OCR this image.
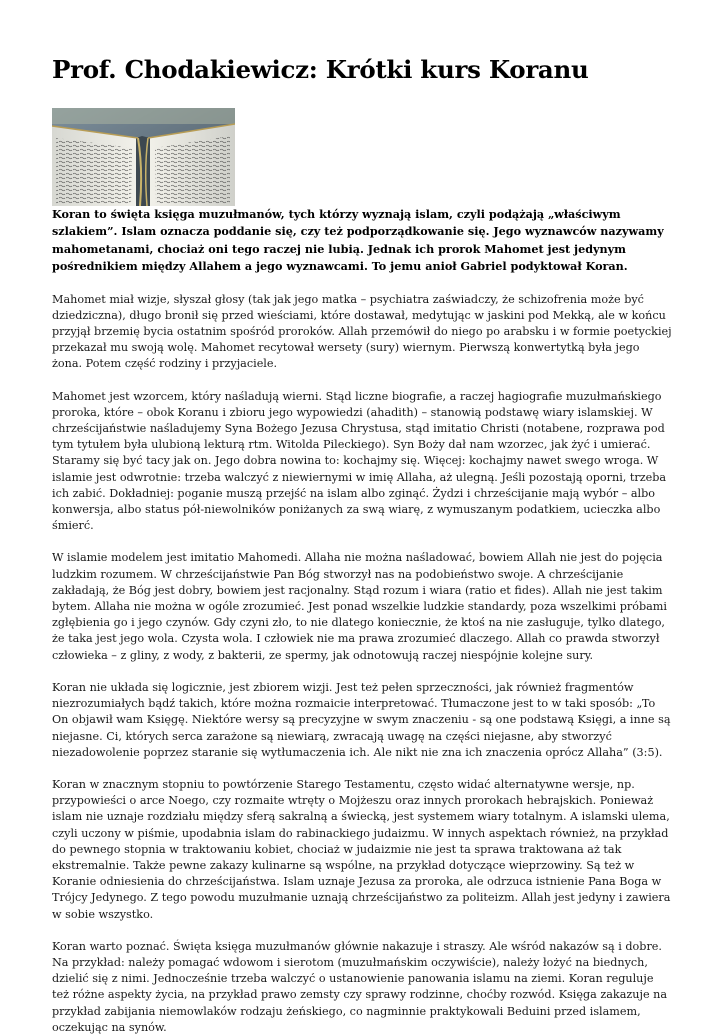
Prof. Chodakiewicz: Krótki kurs Koranu

Koran to święta księga muzułmanów, tych którzy wyznają islam, czyli podążają „właściwym szlakiem”. Islam oznacza poddanie się, czy też podporządkowanie się. Jego wyznawców nazywamy mahometanami, chociaż oni tego raczej nie lubią. Jednak ich prorok Mahomet jest jedynym pośrednikiem między Allahem a jego wyznawcami. To jemu anioł Gabriel podyktował Koran.

Mahomet miał wizje, słyszał głosy (tak jak jego matka – psychiatra zaświadczy, że schizofrenia może być dziedziczna), długo bronił się przed wieściami, które dostawał, medytując w jaskini pod Mekką, ale w końcu przyjął brzemię bycia ostatnim spośród proroków. Allah przemówił do niego po arabsku i w formie poetyckiej przekazał mu swoją wolę. Mahomet recytował wersety (sury) wiernym. Pierwszą konwertytką była jego żona. Potem część rodziny i przyjaciele.

Mahomet jest wzorcem, który naśladują wierni. Stąd liczne biografie, a raczej hagiografie muzułmańskiego proroka, które – obok Koranu i zbioru jego wypowiedzi (ahadith) – stanowią podstawę wiary islamskiej. W chrześcijaństwie naśladujemy Syna Bożego Jezusa Chrystusa, stąd imitatio Christi (notabene, rozprawa pod tym tytułem była ulubioną lekturą rtm. Witolda Pileckiego). Syn Boży dał nam wzorzec, jak żyć i umierać. Staramy się być tacy jak on. Jego dobra nowina to: kochajmy się. Więcej: kochajmy nawet swego wroga. W islamie jest odwrotnie: trzeba walczyć z niewiernymi w imię Allaha, aż ulegną. Jeśli pozostają oporni, trzeba ich zabić. Dokładniej: poganie muszą przejść na islam albo zginąć. Żydzi i chrześcijanie mają wybór – albo konwersja, albo status pół-niewolników poniżanych za swą wiarę, z wymuszanym podatkiem, ucieczka albo śmierć.

W islamie modelem jest imitatio Mahomedi. Allaha nie można naśladować, bowiem Allah nie jest do pojęcia ludzkim rozumem. W chrześcijaństwie Pan Bóg stworzył nas na podobieństwo swoje. A chrześcijanie zakładają, że Bóg jest dobry, bowiem jest racjonalny. Stąd rozum i wiara (ratio et fides). Allah nie jest takim bytem. Allaha nie można w ogóle zrozumieć. Jest ponad wszelkie ludzkie standardy, poza wszelkimi próbami zgłębienia go i jego czynów. Gdy czyni zło, to nie dlatego koniecznie, że ktoś na nie zasługuje, tylko dlatego, że taka jest jego wola. Czysta wola. I człowiek nie ma prawa zrozumieć dlaczego. Allah co prawda stworzył człowieka – z gliny, z wody, z bakterii, ze spermy, jak odnotowują raczej niespójnie kolejne sury.

Koran nie układa się logicznie, jest zbiorem wizji. Jest też pełen sprzeczności, jak również fragmentów niezrozumiałych bądź takich, które można rozmaicie interpretować. Tłumaczone jest to w taki sposób: „To On objawił wam Księgę. Niektóre wersy są precyzyjne w swym znaczeniu - są one podstawą Księgi, a inne są niejasne. Ci, których serca zarażone są niewiarą, zwracają uwagę na części niejasne, aby stworzyć niezadowolenie poprzez staranie się wytłumaczenia ich. Ale nikt nie zna ich znaczenia oprócz Allaha” (3:5).

Koran w znacznym stopniu to powtórzenie Starego Testamentu, często widać alternatywne wersje, np. przypowieści o arce Noego, czy rozmaite wtręty o Mojżeszu oraz innych prorokach hebrajskich. Ponieważ islam nie uznaje rozdziału między sferą sakralną a świecką, jest systemem wiary totalnym. A islamski ulema, czyli uczony w piśmie, upodabnia islam do rabinackiego judaizmu. W innych aspektach również, na przykład do pewnego stopnia w traktowaniu kobiet, chociaż w judaizmie nie jest ta sprawa traktowana aż tak ekstremalnie. Także pewne zakazy kulinarne są wspólne, na przykład dotyczące wieprzowiny. Są też w Koranie odniesienia do chrześcijaństwa. Islam uznaje Jezusa za proroka, ale odrzuca istnienie Pana Boga w Trójcy Jedynego. Z tego powodu muzułmanie uznają chrześcijaństwo za politeizm. Allah jest jedyny i zawiera w sobie wszystko.

Koran warto poznać. Święta księga muzułmanów głównie nakazuje i straszy. Ale wśród nakazów są i dobre. Na przykład: należy pomagać wdowom i sierotom (muzułmańskim oczywiście), należy łożyć na biednych, dzielić się z nimi. Jednocześnie trzeba walczyć o ustanowienie panowania islamu na ziemi. Koran reguluje też różne aspekty życia, na przykład prawo zemsty czy sprawy rodzinne, choćby rozwód. Księga zakazuje na przykład zabijania niemowlaków rodzaju żeńskiego, co nagminnie praktykowali Beduini przed islamem, oczekując na synów.
